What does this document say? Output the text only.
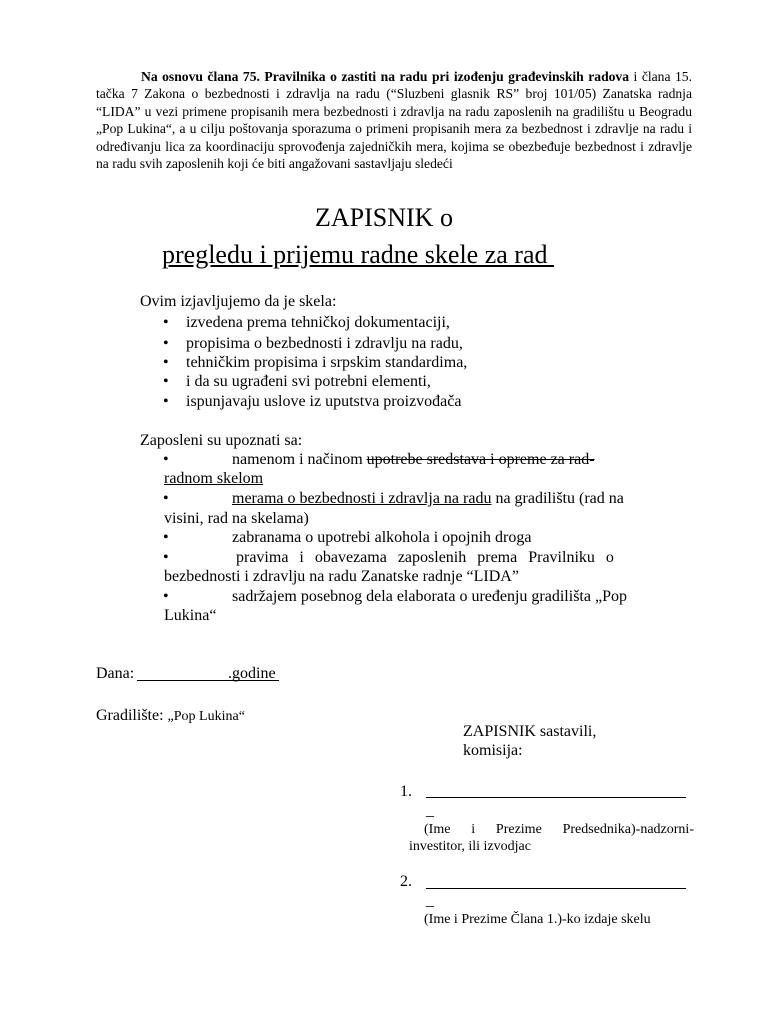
Na osnovu člana 75. Pravilnika o zastiti na radu pri izođenju građevinskih radova i člana 15. tačka 7 Zakona o bezbednosti i zdravlja na radu (“Sluzbeni glasnik RS” broj 101/05) Zanatska radnja “LIDA” u vezi primene propisanih mera bezbednosti i zdravlja na radu zaposlenih na gradilištu u Beogradu „Pop Lukina“, a u cilju poštovanja sporazuma o primeni propisanih mera za bezbednost i zdravlje na radu i određivanju lica za koordinaciju sprovođenja zajedničkih mera, kojima se obezbeđuje bezbednost i zdravlje na radu svih zaposlenih koji će biti angažovani sastavljaju sledeći

ZAPISNIK o
pregledu i prijemu radne skele za rad
Ovim izjavljujemo da je skela:
• izvedena prema tehničkoj dokumentaciji,
• propisima o bezbednosti i zdravlju na radu,
• tehničkim propisima i srpskim standardima,
• i da su ugrađeni svi potrebni elementi,
• ispunjavaju uslove iz uputstva proizvođača
Zaposleni su upoznati sa:
•	namenom i načinom upotrebe sredstava i opreme za rad-
radnom skelom
•	merama o bezbednosti i zdravlja na radu na gradilištu (rad na
visini, rad na skelama)
•	zabranama o upotrebi alkohola i opojnih droga
•	pravima i obavezama zaposlenih prema Pravilniku o
bezbednosti i zdravlju na radu Zanatske radnje “LIDA”
•	sadržajem posebnog dela elaborata o uređenju gradilišta „Pop
Lukina“
Dana:	.godine
Gradilište: „Pop Lukina“
ZAPISNIK sastavili,
komisija:
1.
_
(Ime i Prezime Predsednika)-nadzorni-
investitor, ili izvodjac
2.
_
(Ime i Prezime Člana 1.)-ko izdaje skelu
